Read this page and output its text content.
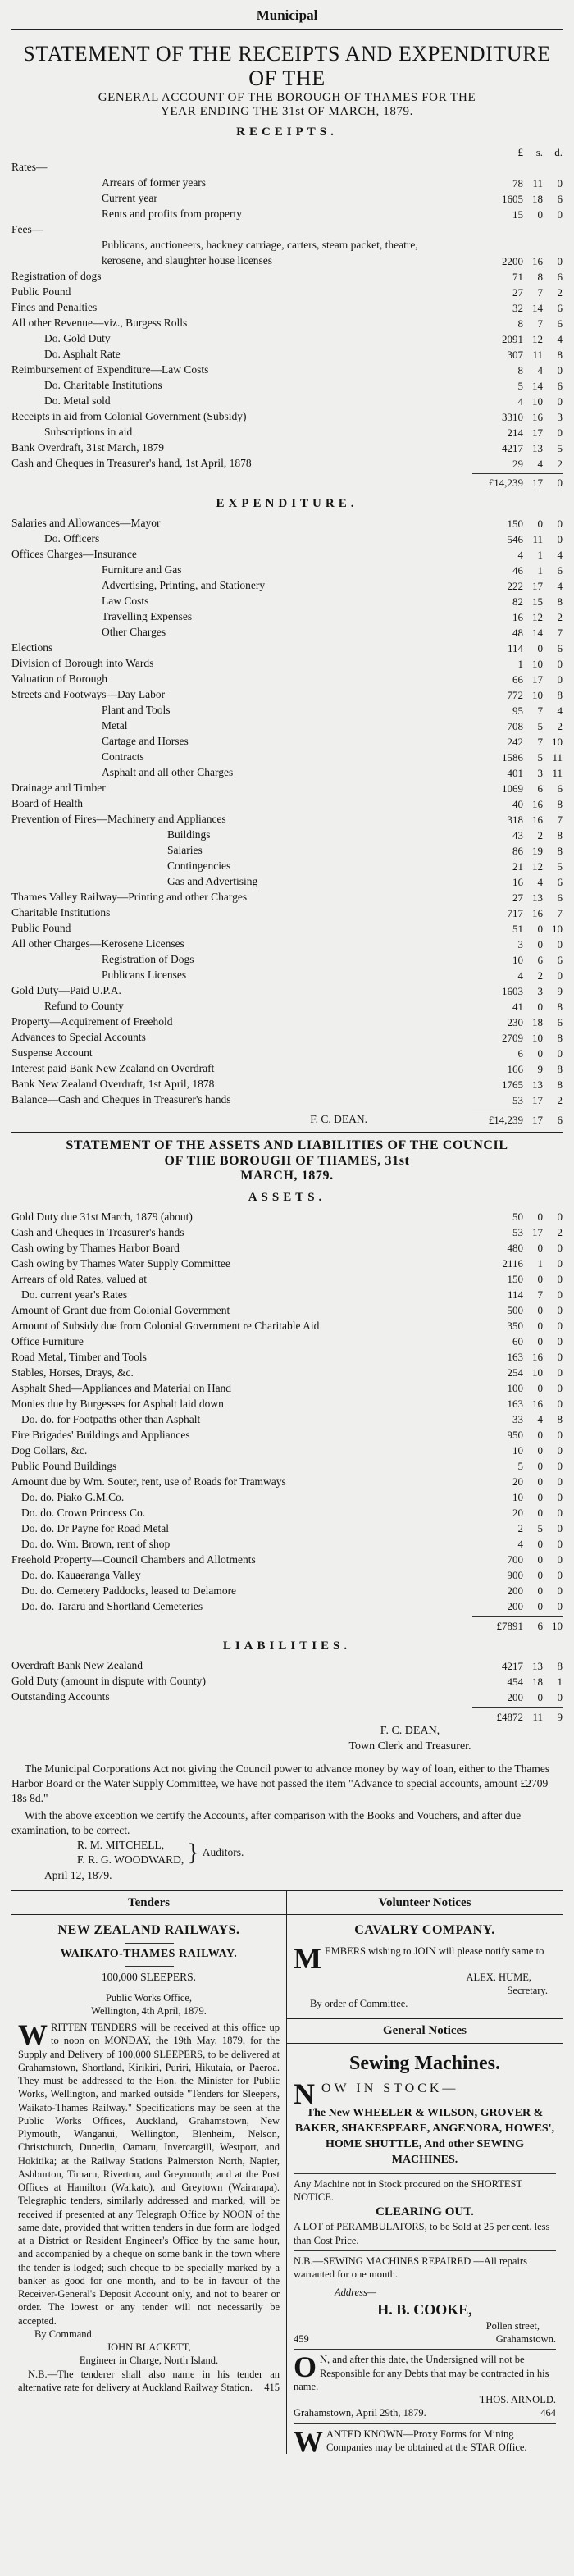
Municipal
STATEMENT OF THE RECEIPTS AND EXPENDITURE OF THE
GENERAL ACCOUNT OF THE BOROUGH OF THAMES FOR THE
YEAR ENDING THE 31st OF MARCH, 1879.
RECEIPTS.
	£	s.	d.
Rates—			
Arrears of former years	78	11	0
Current year	1605	18	6
Rents and profits from property	15	0	0
Fees—			
Publicans, auctioneers, hackney carriage, carters, steam packet, theatre,			
kerosene, and slaughter house licenses	2200	16	0
Registration of dogs	71	8	6
Public Pound	27	7	2
Fines and Penalties	32	14	6
All other Revenue—viz., Burgess Rolls	8	7	6
Do. Gold Duty	2091	12	4
Do. Asphalt Rate	307	11	8
Reimbursement of Expenditure—Law Costs	8	4	0
Do. Charitable Institutions	5	14	6
Do. Metal sold	4	10	0
Receipts in aid from Colonial Government (Subsidy)	3310	16	3
Subscriptions in aid	214	17	0
Bank Overdraft, 31st March, 1879	4217	13	5
Cash and Cheques in Treasurer's hand, 1st April, 1878	29	4	2
	£14,239	17	0
EXPENDITURE.
Salaries and Allowances—Mayor	150	0	0
Do. Officers	546	11	0
Offices Charges—Insurance	4	1	4
Furniture and Gas	46	1	6
Advertising, Printing, and Stationery	222	17	4
Law Costs	82	15	8
Travelling Expenses	16	12	2
Other Charges	48	14	7
Elections	114	0	6
Division of Borough into Wards	1	10	0
Valuation of Borough	66	17	0
Streets and Footways—Day Labor	772	10	8
Plant and Tools	95	7	4
Metal	708	5	2
Cartage and Horses	242	7	10
Contracts	1586	5	11
Asphalt and all other Charges	401	3	11
Drainage and Timber	1069	6	6
Board of Health	40	16	8
Prevention of Fires—Machinery and Appliances	318	16	7
Buildings	43	2	8
Salaries	86	19	8
Contingencies	21	12	5
Gas and Advertising	16	4	6
Thames Valley Railway—Printing and other Charges	27	13	6
Charitable Institutions	717	16	7
Public Pound	51	0	10
All other Charges—Kerosene Licenses	3	0	0
Registration of Dogs	10	6	6
Publicans Licenses	4	2	0
Gold Duty—Paid U.P.A.	1603	3	9
Refund to County	41	0	8
Property—Acquirement of Freehold	230	18	6
Advances to Special Accounts	2709	10	8
Suspense Account	6	0	0
Interest paid Bank New Zealand on Overdraft	166	9	8
Bank New Zealand Overdraft, 1st April, 1878	1765	13	8
Balance—Cash and Cheques in Treasurer's hands	53	17	2
F. C. DEAN.	£14,239	17	6
STATEMENT OF THE ASSETS AND LIABILITIES OF THE COUNCIL
OF THE BOROUGH OF THAMES, 31st
MARCH, 1879.
ASSETS.
Gold Duty due 31st March, 1879 (about)	50	0	0
Cash and Cheques in Treasurer's hands	53	17	2
Cash owing by Thames Harbor Board	480	0	0
Cash owing by Thames Water Supply Committee	2116	1	0
Arrears of old Rates, valued at	150	0	0
Do. current year's Rates	114	7	0
Amount of Grant due from Colonial Government	500	0	0
Amount of Subsidy due from Colonial Government re Charitable Aid	350	0	0
Office Furniture	60	0	0
Road Metal, Timber and Tools	163	16	0
Stables, Horses, Drays, &c.	254	10	0
Asphalt Shed—Appliances and Material on Hand	100	0	0
Monies due by Burgesses for Asphalt laid down	163	16	0
Do. do. for Footpaths other than Asphalt	33	4	8
Fire Brigades' Buildings and Appliances	950	0	0
Dog Collars, &c.	10	0	0
Public Pound Buildings	5	0	0
Amount due by Wm. Souter, rent, use of Roads for Tramways	20	0	0
Do. do. Piako G.M.Co.	10	0	0
Do. do. Crown Princess Co.	20	0	0
Do. do. Dr Payne for Road Metal	2	5	0
Do. do. Wm. Brown, rent of shop	4	0	0
Freehold Property—Council Chambers and Allotments	700	0	0
Do. do. Kauaeranga Valley	900	0	0
Do. do. Cemetery Paddocks, leased to Delamore	200	0	0
Do. do. Tararu and Shortland Cemeteries	200	0	0
	£7891	6	10
LIABILITIES.
Overdraft Bank New Zealand	4217	13	8
Gold Duty (amount in dispute with County)	454	18	1
Outstanding Accounts	200	0	0
	£4872	11	9
F. C. DEAN,
Town Clerk and Treasurer.
The Municipal Corporations Act not giving the Council power to advance money by way of loan, either to the Thames Harbor Board or the Water Supply Committee, we have not passed the item "Advance to special accounts, amount £2709 18s 8d."
With the above exception we certify the Accounts, after comparison with the Books and Vouchers, and after due examination, to be correct.
R. M. MITCHELL,
F. R. G. WOODWARD, } Auditors.
April 12, 1879.
Tenders
NEW ZEALAND RAILWAYS.
WAIKATO-THAMES RAILWAY.
100,000 SLEEPERS.
Public Works Office,
Wellington, 4th April, 1879.
WRITTEN TENDERS will be received at this office up to noon on MONDAY, the 19th May, 1879, for the Supply and Delivery of 100,000 SLEEPERS, to be delivered at Grahamstown, Shortland, Kirikiri, Puriri, Hikutaia, or Paeroa. They must be addressed to the Hon. the Minister for Public Works, Wellington, and marked outside "Tenders for Sleepers, Waikato-Thames Railway." Specifications may be seen at the Public Works Offices, Auckland, Grahamstown, New Plymouth, Wanganui, Wellington, Blenheim, Nelson, Christchurch, Dunedin, Oamaru, Invercargill, Westport, and Hokitika; at the Railway Stations Palmerston North, Napier, Ashburton, Timaru, Riverton, and Greymouth; and at the Post Offices at Hamilton (Waikato), and Greytown (Wairarapa). Telegraphic tenders, similarly addressed and marked, will be received if presented at any Telegraph Office by NOON of the same date, provided that written tenders in due form are lodged at a District or Resident Engineer's Office by the same hour, and accompanied by a cheque on some bank in the town where the tender is lodged; such cheque to be specially marked by a banker as good for one month, and to be in favour of the Receiver-General's Deposit Account only, and not to bearer or order. The lowest or any tender will not necessarily be accepted.
By Command.
JOHN BLACKETT,
Engineer in Charge, North Island.
N.B.—The tenderer shall also name in his tender an alternative rate for delivery at Auckland Railway Station.	415
Volunteer Notices
CAVALRY COMPANY.
MEMBERS wishing to JOIN will please notify same to
ALEX. HUME,
Secretary.
By order of Committee.
General Notices
Sewing Machines.
NOW IN STOCK—
The New WHEELER & WILSON, GROVER & BAKER, SHAKESPEARE, ANGENORA, HOWES', HOME SHUTTLE, And other SEWING MACHINES.
Any Machine not in Stock procured on the SHORTEST NOTICE.
CLEARING OUT.
A LOT of PERAMBULATORS, to be Sold at 25 per cent. less than Cost Price.
N.B.—SEWING MACHINES REPAIRED —All repairs warranted for one month.
Address—
H. B. COOKE,
Pollen street,
459	Grahamstown.
O N, and after this date, the Undersigned will not be Responsible for any Debts that may be contracted in his name.
THOS. ARNOLD.
Grahamstown, April 29th, 1879.	464
WANTED KNOWN—Proxy Forms for Mining Companies may be obtained at the STAR Office.
